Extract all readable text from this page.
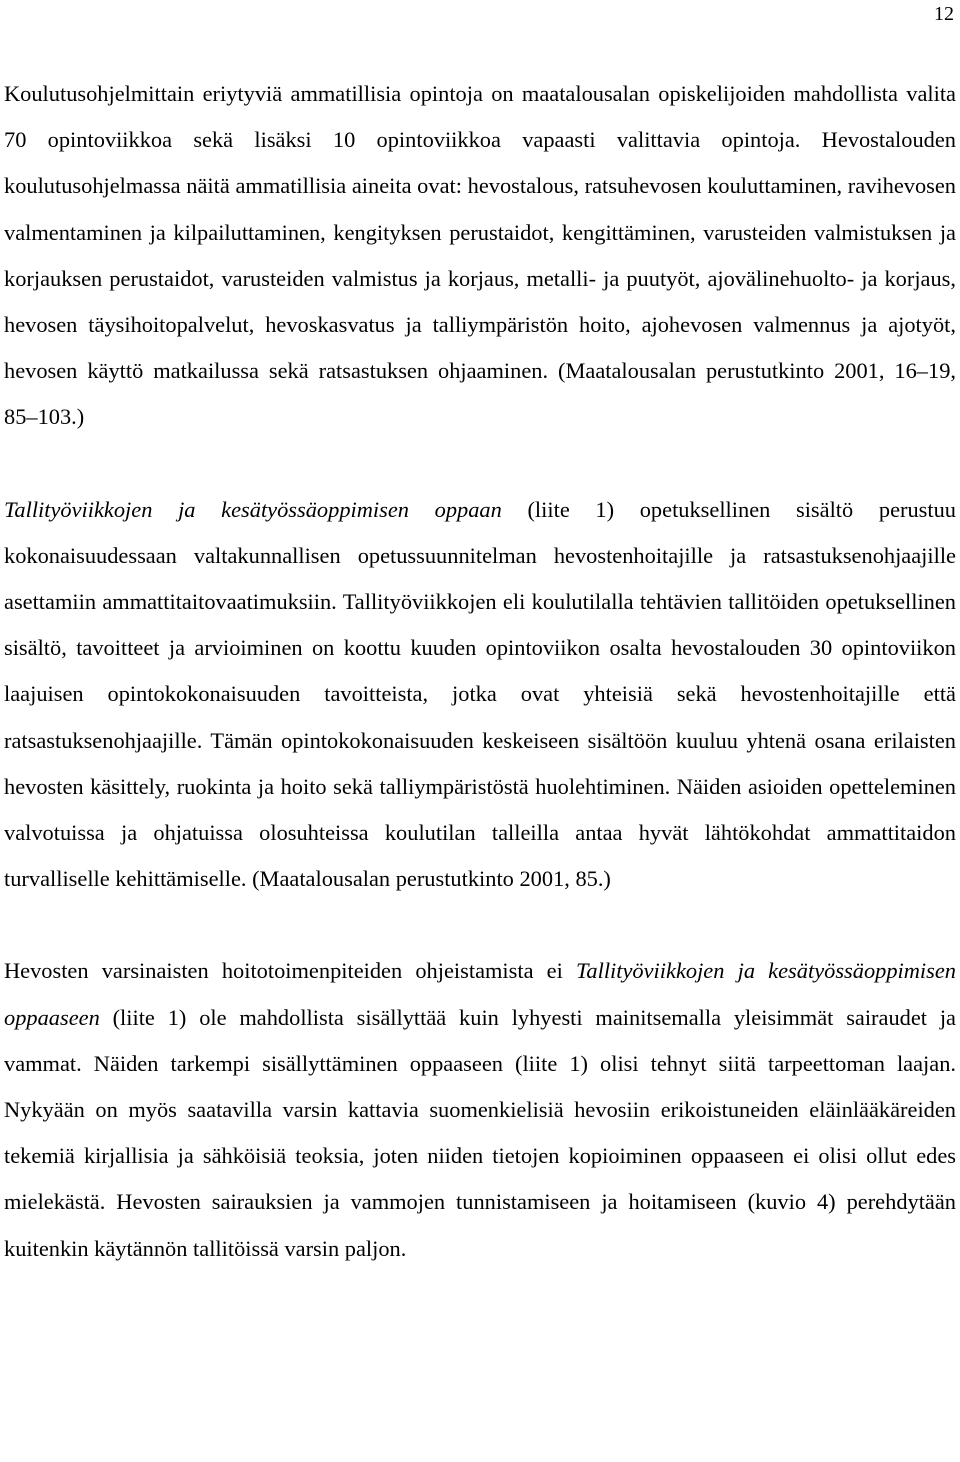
12

Koulutusohjelmittain eriytyviä ammatillisia opintoja on maatalousalan opiskelijoiden mahdollista valita 70 opintoviikkoa sekä lisäksi 10 opintoviikkoa vapaasti valittavia opintoja. Hevostalouden koulutusohjelmassa näitä ammatillisia aineita ovat: hevostalous, ratsuhevosen kouluttaminen, ravihevosen valmentaminen ja kilpailuttaminen, kengityksen perustaidot, kengittäminen, varusteiden valmistuksen ja korjauksen perustaidot, varusteiden valmistus ja korjaus, metalli- ja puutyöt, ajovälinehuolto- ja korjaus, hevosen täysihoitopalvelut, hevoskasvatus ja talliympäristön hoito, ajohevosen valmennus ja ajotyöt, hevosen käyttö matkailussa sekä ratsastuksen ohjaaminen. (Maatalousalan perustutkinto 2001, 16–19, 85–103.)

Tallityöviikkojen ja kesätyössäoppimisen oppaan (liite 1) opetuksellinen sisältö perustuu kokonaisuudessaan valtakunnallisen opetussuunnitelman hevostenhoitajille ja ratsastuksenohjaajille asettamiin ammattitaitovaatimuksiin. Tallityöviikkojen eli koulutilalla tehtävien tallitöiden opetuksellinen sisältö, tavoitteet ja arvioiminen on koottu kuuden opintoviikon osalta hevostalouden 30 opintoviikon laajuisen opintokokonaisuuden tavoitteista, jotka ovat yhteisiä sekä hevostenhoitajille että ratsastuksenohjaajille. Tämän opintokokonaisuuden keskeiseen sisältöön kuuluu yhtenä osana erilaisten hevosten käsittely, ruokinta ja hoito sekä talliympäristöstä huolehtiminen. Näiden asioiden opetteleminen valvotuissa ja ohjatuissa olosuhteissa koulutilan talleilla antaa hyvät lähtökohdat ammattitaidon turvalliselle kehittämiselle. (Maatalousalan perustutkinto 2001, 85.)

Hevosten varsinaisten hoitotoimenpiteiden ohjeistamista ei Tallityöviikkojen ja kesätyössäoppimisen oppaaseen (liite 1) ole mahdollista sisällyttää kuin lyhyesti mainitsemalla yleisimmät sairaudet ja vammat. Näiden tarkempi sisällyttäminen oppaaseen (liite 1) olisi tehnyt siitä tarpeettoman laajan. Nykyään on myös saatavilla varsin kattavia suomenkielisiä hevosiin erikoistuneiden eläinlääkäreiden tekemiä kirjallisia ja sähköisiä teoksia, joten niiden tietojen kopioiminen oppaaseen ei olisi ollut edes mielekästä. Hevosten sairauksien ja vammojen tunnistamiseen ja hoitamiseen (kuvio 4) perehdytään kuitenkin käytännön tallitöissä varsin paljon.
